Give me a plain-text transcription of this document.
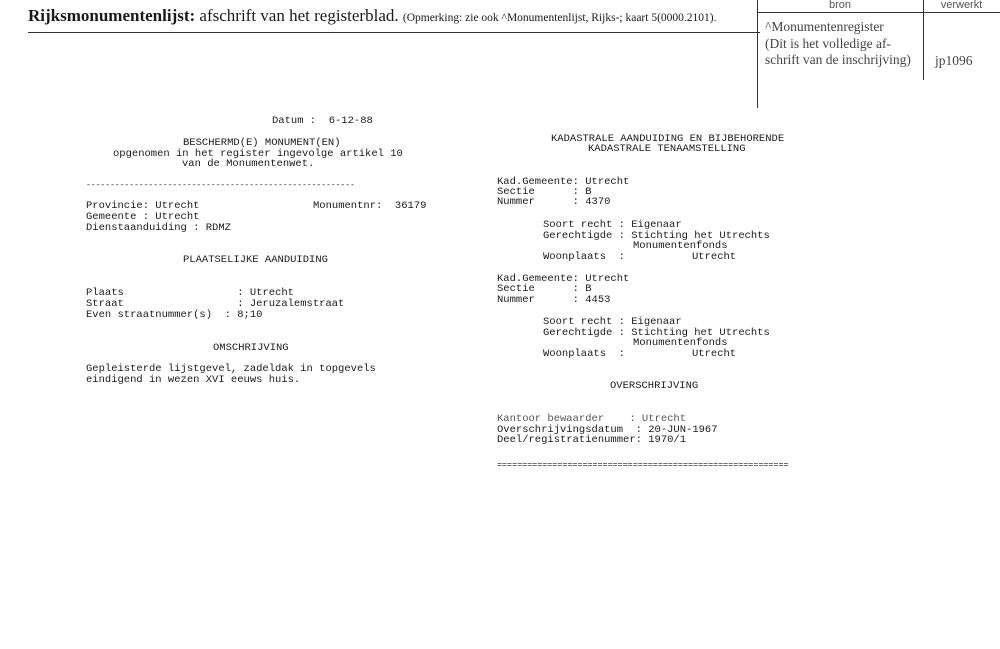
Rijksmonumentenlijst: afschrift van het registerblad. (Opmerking: zie ook ^Monumentenlijst, Rijks-; kaart 5(0000.2101).
bron	verwerkt
^Monumentenregister
(Dit is het volledige af-
schrift van de inschrijving) jp1096
Datum :  6-12-88
BESCHERMD(E) MONUMENT(EN)
opgenomen in het register ingevolge artikel 10
van de Monumentenwet.
--------------------------------------------------------
Provincie: Utrecht	Monumentnr:  36179
Gemeente : Utrecht
Dienstaanduiding : RDMZ
PLAATSELIJKE AANDUIDING
Plaats                  : Utrecht
Straat                  : Jeruzalemstraat
Even straatnummer(s)  : 8;10
OMSCHRIJVING
Gepleisterde lijstgevel, zadeldak in topgevels
eindigend in wezen XVI eeuws huis.
KADASTRALE AANDUIDING EN BIJBEHORENDE
KADASTRALE TENAAMSTELLING
Kad.Gemeente: Utrecht
Sectie      : B
Nummer      : 4370
Soort recht : Eigenaar
Gerechtigde : Stichting het Utrechts
Monumentenfonds
Woonplaats  :	Utrecht
Kad.Gemeente: Utrecht
Sectie      : B
Nummer      : 4453
Soort recht : Eigenaar
Gerechtigde : Stichting het Utrechts
Monumentenfonds
Woonplaats  :	Utrecht
OVERSCHRIJVING
Kantoor bewaarder    : Utrecht
Overschrijvingsdatum  : 20-JUN-1967
Deel/registratienummer: 1970/1
==========================================================
